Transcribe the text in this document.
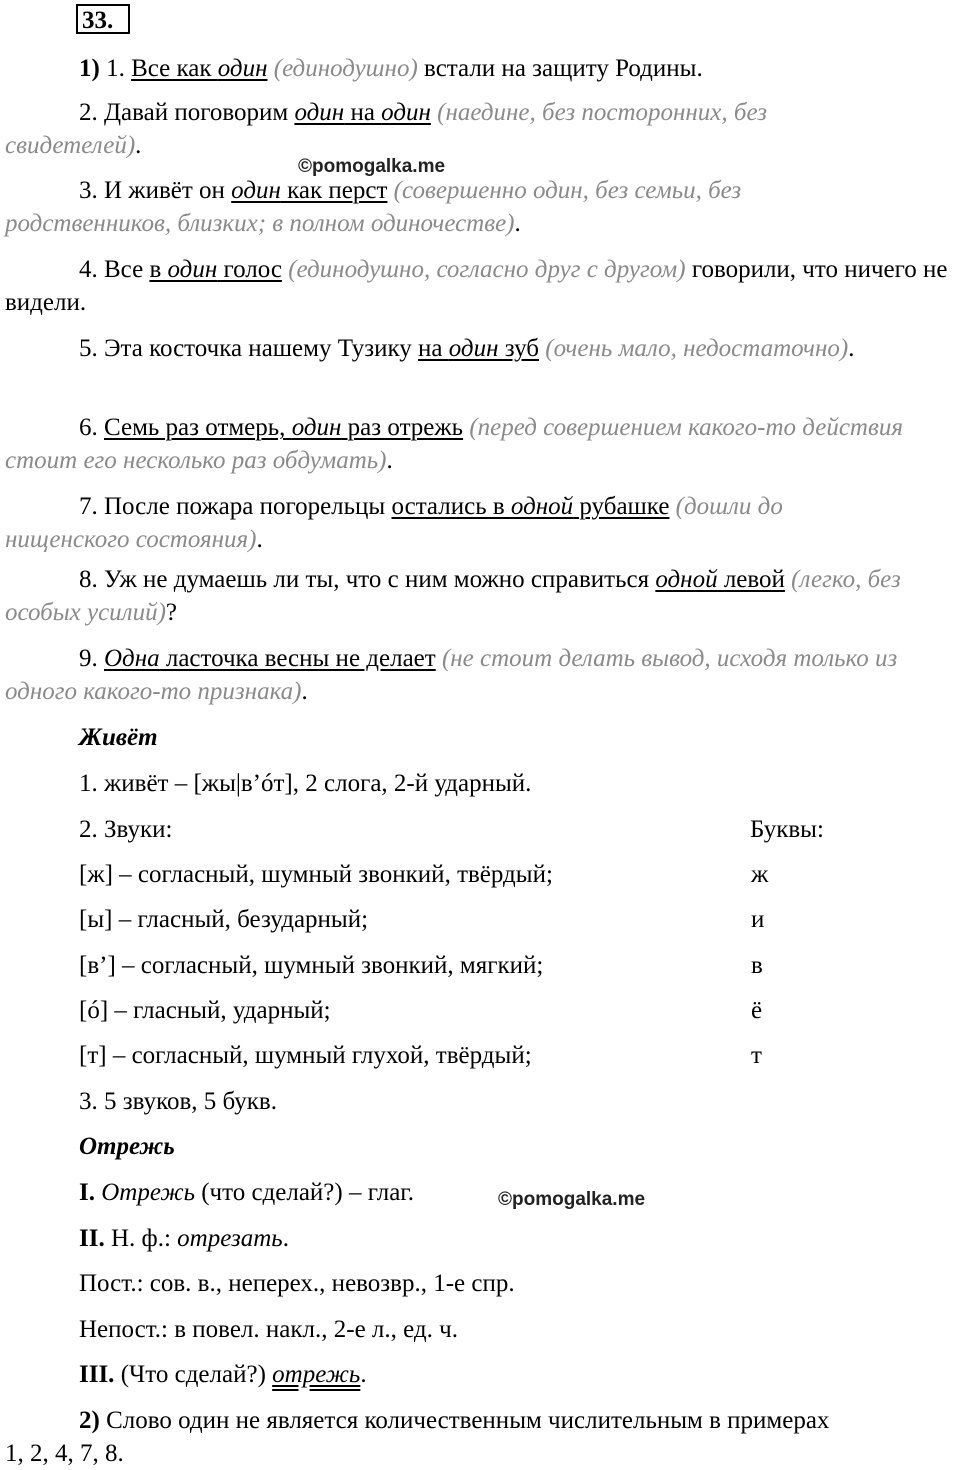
33.

1) 1. Все как один (единодушно) встали на защиту Родины.

2. Давай поговорим один на один (наедине, без посторонних, без свидетелей).
©pomogalka.me
3. И живёт он один как перст (совершенно один, без семьи, без родственников, близких; в полном одиночестве).
4. Все в один голос (единодушно, согласно друг с другом) говорили, что ничего не видели.
5. Эта косточка нашему Тузику на один зуб (очень мало, недостаточно).
6. Семь раз отмерь, один раз отрежь (перед совершением какого-то действия стоит его несколько раз обдумать).
7. После пожара погорельцы остались в одной рубашке (дошли до нищенского состояния).
8. Уж не думаешь ли ты, что с ним можно справиться одной левой (легко, без особых усилий)?
9. Одна ласточка весны не делает (не стоит делать вывод, исходя только из одного какого-то признака).

Живёт

1. живёт – [жы|в’óт], 2 слога, 2-й ударный.

2. Звуки:	Буквы:

[ж] – согласный, шумный звонкий, твёрдый;	ж

[ы] – гласный, безударный;	и

[в’] – согласный, шумный звонкий, мягкий;	в

[ó] – гласный, ударный;	ё

[т] – согласный, шумный глухой, твёрдый;	т

3. 5 звуков, 5 букв.

Отрежь

I. Отрежь (что сделай?) – глаг.	©pomogalka.me

II. Н. ф.: отрезать.

Пост.: сов. в., неперех., невозвр., 1-е спр.

Непост.: в повел. накл., 2-е л., ед. ч.

III. (Что сделай?) отрежь.

2) Слово один не является количественным числительным в примерах

1, 2, 4, 7, 8.
